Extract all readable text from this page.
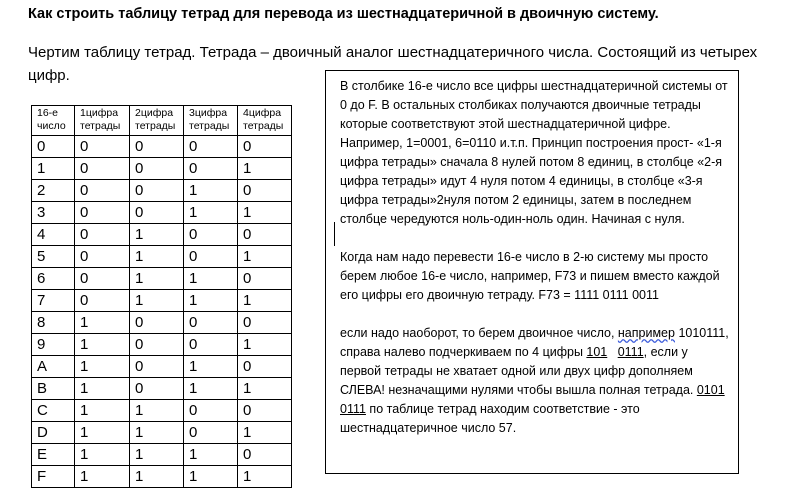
Как строить таблицу тетрад для перевода из шестнадцатеричной в двоичную систему.
Чертим таблицу тетрад. Тетрада – двоичный аналог шестнадцатеричного числа. Состоящий из четырех цифр.
16-е число	1цифра тетрады	2цифра тетрады	3цифра тетрады	4цифра тетрады
0	0	0	0	0
1	0	0	0	1
2	0	0	1	0
3	0	0	1	1
4	0	1	0	0
5	0	1	0	1
6	0	1	1	0
7	0	1	1	1
8	1	0	0	0
9	1	0	0	1
A	1	0	1	0
B	1	0	1	1
C	1	1	0	0
D	1	1	0	1
E	1	1	1	0
F	1	1	1	1

В столбике 16-е число все цифры шестнадцатеричной системы от 0 до F. В остальных столбиках получаются двоичные тетрады которые соответствуют этой шестнадцатеричной цифре. Например, 1=0001, 6=0110 и.т.п. Принцип построения прост- «1-я цифра тетрады» сначала 8 нулей потом 8 единиц, в столбце «2-я цифра тетрады» идут 4 нуля потом 4 единицы, в столбце «3-я цифра тетрады»2нуля потом 2 единицы, затем в последнем столбце чередуются ноль-один-ноль один. Начиная с нуля.

Когда нам надо перевести 16-е число в 2-ю систему мы просто берем любое 16-е число, например, F73 и пишем вместо каждой его цифры его двоичную тетраду. F73 = 1111 0111 0011

если надо наоборот, то берем двоичное число, например 1010111, справа налево подчеркиваем по 4 цифры 101 0111, если у первой тетрады не хватает одной или двух цифр дополняем СЛЕВА! незначащими нулями чтобы вышла полная тетрада. 0101 0111 по таблице тетрад находим соответствие - это шестнадцатеричное число 57.
